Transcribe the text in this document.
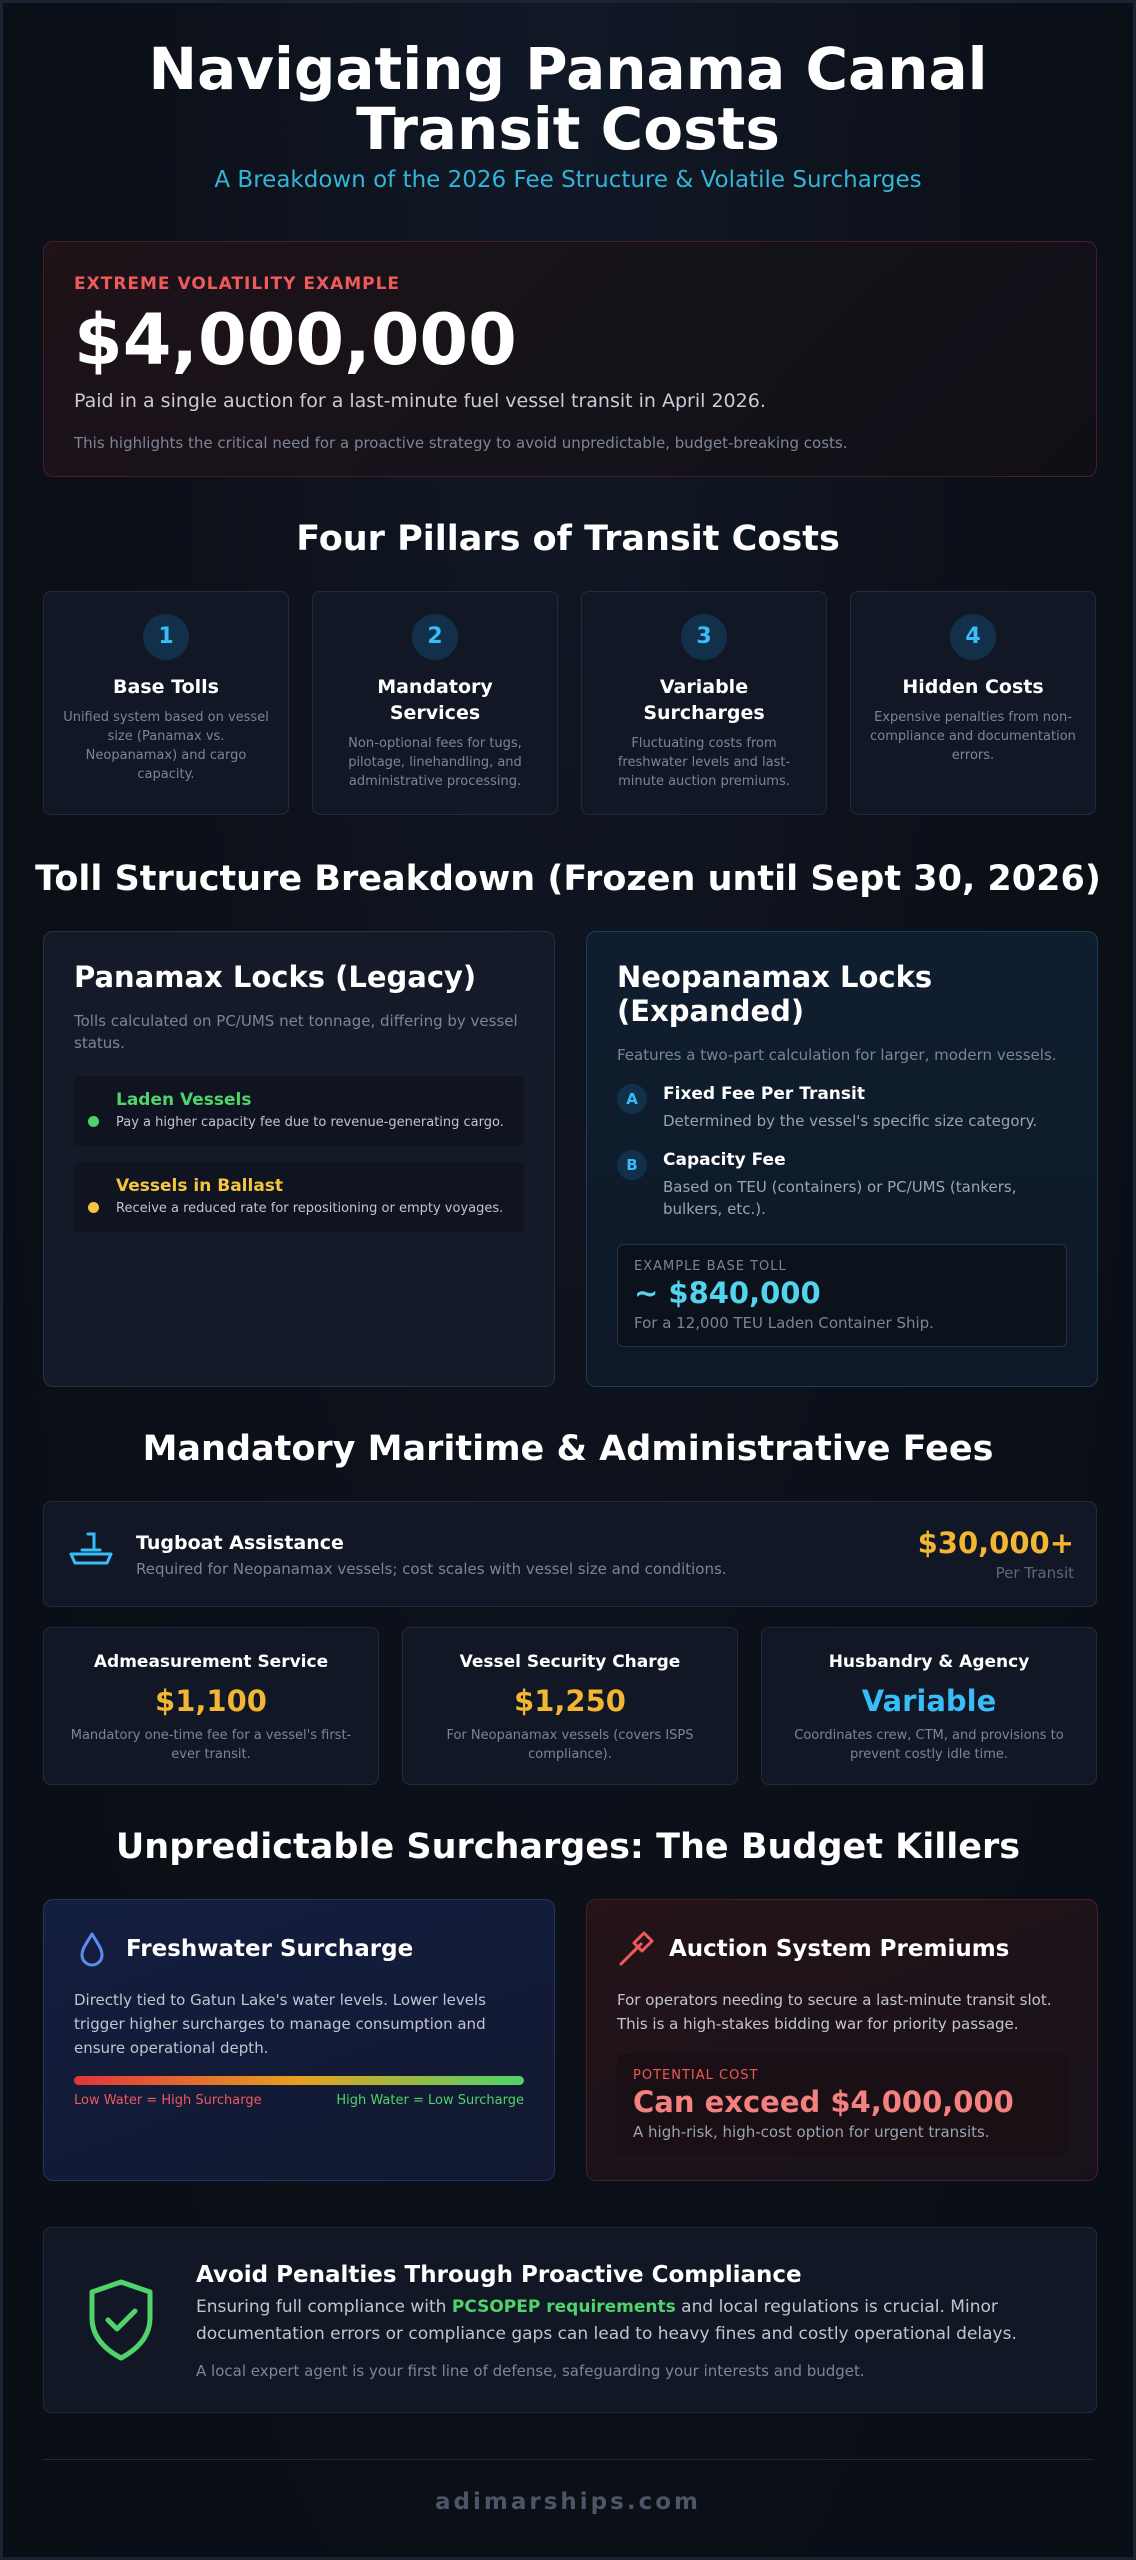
Navigating Panama Canal Transit Costs
A Breakdown of the 2026 Fee Structure & Volatile Surcharges
EXTREME VOLATILITY EXAMPLE
$4,000,000
Paid in a single auction for a last-minute fuel vessel transit in April 2026.
This highlights the critical need for a proactive strategy to avoid unpredictable, budget-breaking costs.
Four Pillars of Transit Costs
1
Base Tolls
Unified system based on vessel size (Panamax vs. Neopanamax) and cargo capacity.
2
Mandatory Services
Non-optional fees for tugs, pilotage, linehandling, and administrative processing.
3
Variable Surcharges
Fluctuating costs from freshwater levels and last-minute auction premiums.
4
Hidden Costs
Expensive penalties from non-compliance and documentation errors.
Toll Structure Breakdown (Frozen until Sept 30, 2026)
Panamax Locks (Legacy)
Tolls calculated on PC/UMS net tonnage, differing by vessel status.
Laden Vessels
Pay a higher capacity fee due to revenue-generating cargo.
Vessels in Ballast
Receive a reduced rate for repositioning or empty voyages.
Neopanamax Locks (Expanded)
Features a two-part calculation for larger, modern vessels.
A	Fixed Fee Per Transit
Determined by the vessel's specific size category.
B	Capacity Fee
Based on TEU (containers) or PC/UMS (tankers, bulkers, etc.).
EXAMPLE BASE TOLL
~ $840,000
For a 12,000 TEU Laden Container Ship.
Mandatory Maritime & Administrative Fees
Tugboat Assistance
Required for Neopanamax vessels; cost scales with vessel size and conditions.
$30,000+
Per Transit
Admeasurement Service
$1,100
Mandatory one-time fee for a vessel's first-ever transit.
Vessel Security Charge
$1,250
For Neopanamax vessels (covers ISPS compliance).
Husbandry & Agency
Variable
Coordinates crew, CTM, and provisions to prevent costly idle time.
Unpredictable Surcharges: The Budget Killers
Freshwater Surcharge
Directly tied to Gatun Lake's water levels. Lower levels trigger higher surcharges to manage consumption and ensure operational depth.
Low Water = High Surcharge	High Water = Low Surcharge
Auction System Premiums
For operators needing to secure a last-minute transit slot. This is a high-stakes bidding war for priority passage.
POTENTIAL COST
Can exceed $4,000,000
A high-risk, high-cost option for urgent transits.
Avoid Penalties Through Proactive Compliance
Ensuring full compliance with PCSOPEP requirements and local regulations is crucial. Minor documentation errors or compliance gaps can lead to heavy fines and costly operational delays.
A local expert agent is your first line of defense, safeguarding your interests and budget.
adimarships.com
